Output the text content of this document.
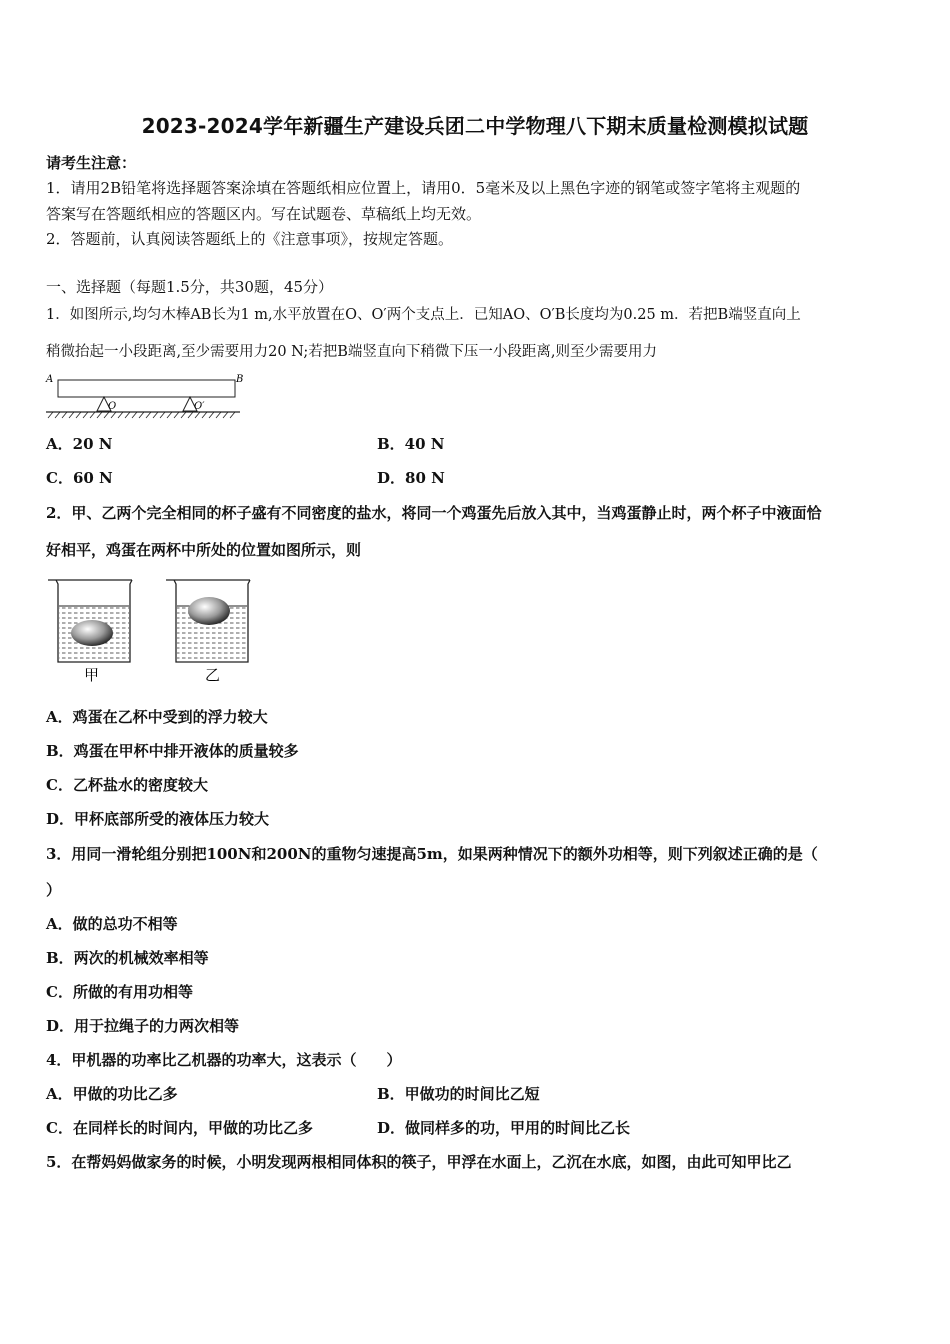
2023-2024学年新疆生产建设兵团二中学物理八下期末质量检测模拟试题
请考生注意：
1．请用2B铅笔将选择题答案涂填在答题纸相应位置上，请用0．5毫米及以上黑色字迹的钢笔或签字笔将主观题的
答案写在答题纸相应的答题区内。写在试题卷、草稿纸上均无效。
2．答题前，认真阅读答题纸上的《注意事项》，按规定答题。
一、选择题（每题1.5分，共30题，45分）
1．如图所示,均匀木棒AB长为1 m,水平放置在O、O′两个支点上．已知AO、O′B长度均为0.25 m．若把B端竖直向上
稍微抬起一小段距离,至少需要用力20 N;若把B端竖直向下稍微下压一小段距离,则至少需要用力
A	B
O	O′
A．20 N	B．40 N
C．60 N	D．80 N
2．甲、乙两个完全相同的杯子盛有不同密度的盐水，将同一个鸡蛋先后放入其中，当鸡蛋静止时，两个杯子中液面恰
好相平，鸡蛋在两杯中所处的位置如图所示，则
甲	乙
A．鸡蛋在乙杯中受到的浮力较大
B．鸡蛋在甲杯中排开液体的质量较多
C．乙杯盐水的密度较大
D．甲杯底部所受的液体压力较大
3．用同一滑轮组分别把100N和200N的重物匀速提高5m，如果两种情况下的额外功相等，则下列叙述正确的是（
）
A．做的总功不相等
B．两次的机械效率相等
C．所做的有用功相等
D．用于拉绳子的力两次相等
4．甲机器的功率比乙机器的功率大，这表示（　　）
A．甲做的功比乙多	B．甲做功的时间比乙短
C．在同样长的时间内，甲做的功比乙多	D．做同样多的功，甲用的时间比乙长
5．在帮妈妈做家务的时候，小明发现两根相同体积的筷子，甲浮在水面上，乙沉在水底，如图，由此可知甲比乙
